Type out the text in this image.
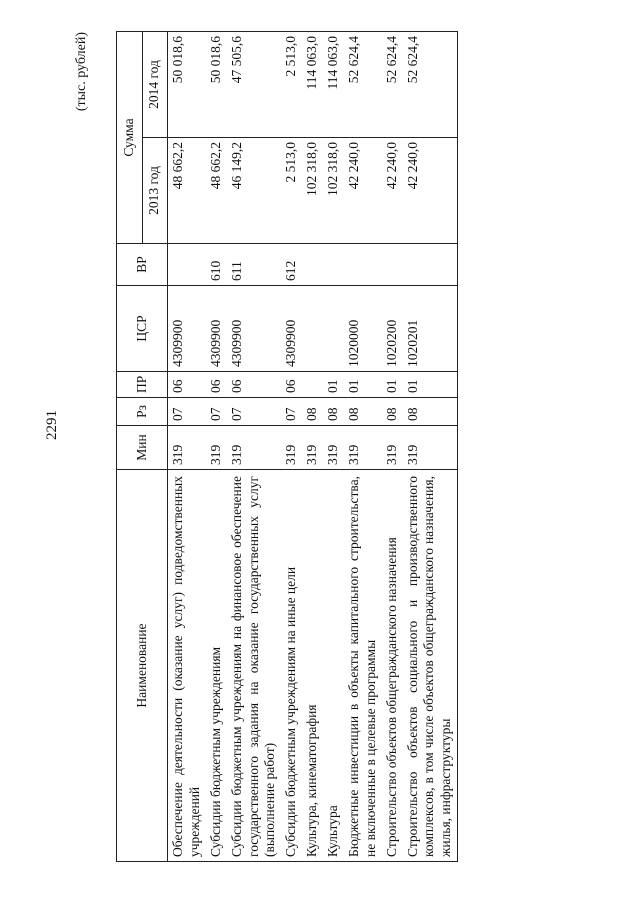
2291
(тыс. рублей)
Наименование	Мин	Рз	ПР	ЦСР	ВР	Сумма	
						2013 год	2014 год
Обеспечение деятельности (оказание услуг) подведомственных учреждений	319	07	06	4309900		48 662,2	50 018,6
Субсидии бюджетным учреждениям	319	07	06	4309900	610	48 662,2	50 018,6
Субсидии бюджетным учреждениям на финансовое обеспечение государственного задания на оказание государственных услуг (выполнение работ)	319	07	06	4309900	611	46 149,2	47 505,6
Субсидии бюджетным учреждениям на иные цели	319	07	06	4309900	612	2 513,0	2 513,0
Культура, кинематография	319	08				102 318,0	114 063,0
Культура	319	08	01			102 318,0	114 063,0
Бюджетные инвестиции в объекты капитального строительства, не включенные в целевые программы	319	08	01	1020000		42 240,0	52 624,4
Строительство объектов общегражданского назначения	319	08	01	1020200		42 240,0	52 624,4
Строительство объектов социального и производственного комплексов, в том числе объектов общегражданского назначения, жилья, инфраструктуры	319	08	01	1020201		42 240,0	52 624,4
